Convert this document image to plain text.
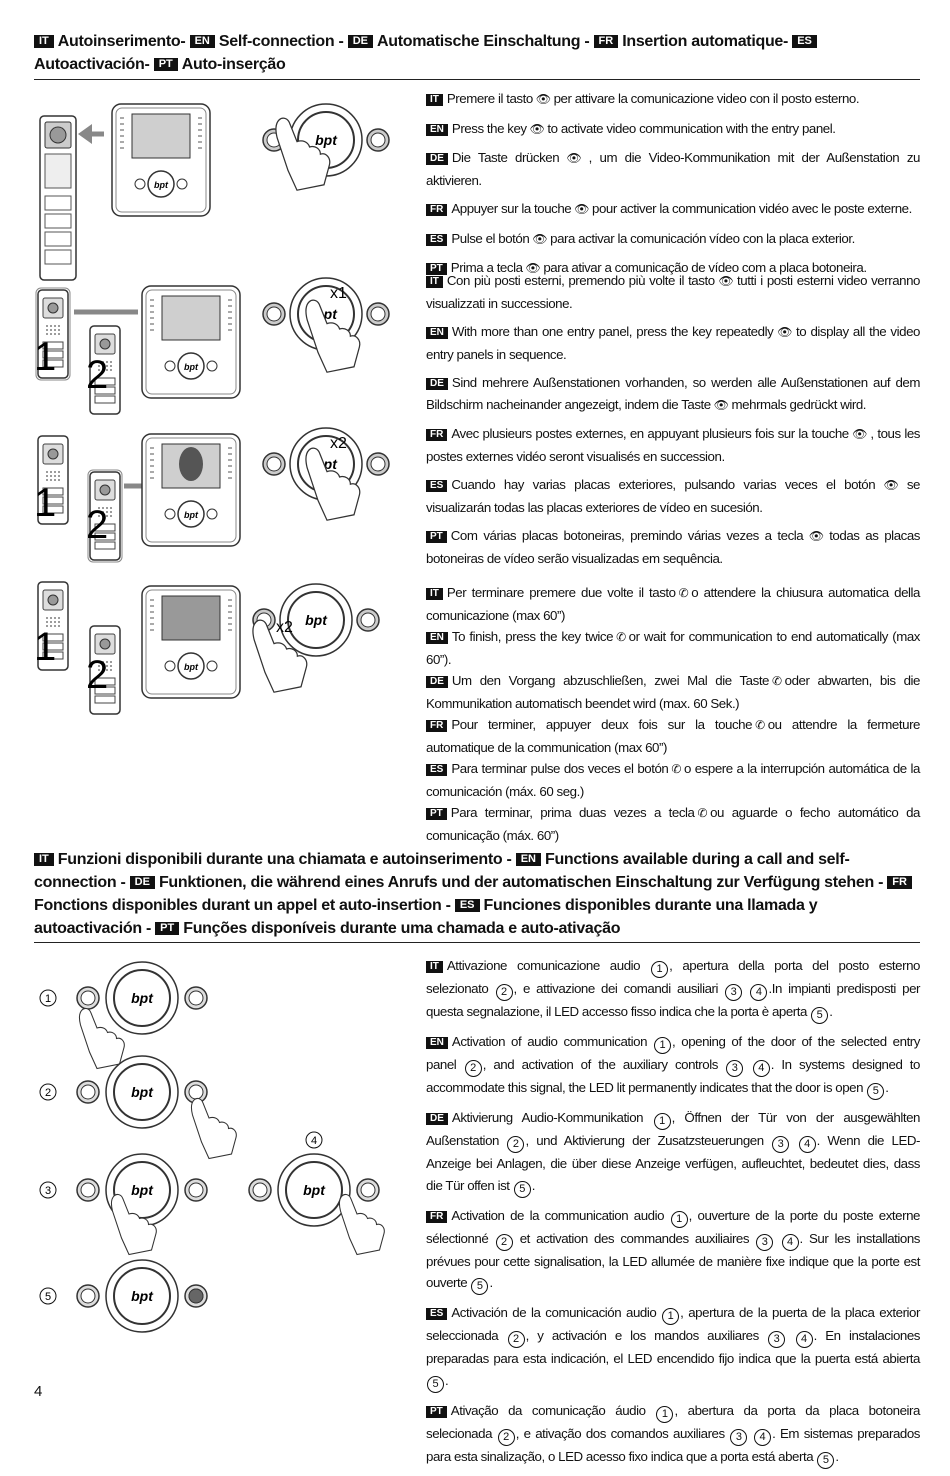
IT Autoinserimento- EN Self-connection - DE Automatische Einschaltung - FR Insertion automatique- ESAutoactivación- PT Auto-inserção

IT Premere il tasto 👁 per attivare la comunicazione video con il posto esterno.

EN Press the key 👁 to activate video communication with the entry panel.

DE Die Taste drücken 👁 , um die Video-Kommunikation mit der Außenstation zu aktivieren.

FR Appuyer sur la touche 👁 pour activer la communication vidéo avec le poste externe.

ES Pulse el botón 👁 para activar la comunicación vídeo con la placa exterior.

PT Prima a tecla 👁 para ativar a comunicação de vídeo com a placa botoneira.

IT Con più posti esterni, premendo più volte il tasto 👁 tutti i posti esterni video verranno visualizzati in successione.

EN With more than one entry panel, press the key repeatedly 👁 to display all the video entry panels in sequence.

DE Sind mehrere Außenstationen vorhanden, so werden alle Außenstationen auf dem Bildschirm nacheinander angezeigt, indem die Taste 👁 mehrmals gedrückt wird.

FR Avec plusieurs postes externes, en appuyant plusieurs fois sur la touche 👁 , tous les postes externes vidéo seront visualisés en succession.

ES Cuando hay varias placas exteriores, pulsando varias veces el botón 👁 se visualizarán todas las placas exteriores de vídeo en sucesión.

PT Com várias placas botoneiras, premindo várias vezes a tecla 👁 todas as placas botoneiras de vídeo serão visualizadas em sequência.

IT Per terminare premere due volte il tasto ✆ o attendere la chiusura automatica della comunicazione (max 60”)

EN To finish, press the key twice ✆ or wait for communication to end automatically (max 60”).

DE Um den Vorgang abzuschließen, zwei Mal die Taste ✆ oder abwarten, bis die Kommunikation automatisch beendet wird (max. 60 Sek.)

FR Pour terminer, appuyer deux fois sur la touche ✆ ou attendre la fermeture automatique de la communication (max 60”)

ES Para terminar pulse dos veces el botón ✆ o espere a la interrupción automática de la comunicación (máx. 60 seg.)

PT Para terminar, prima duas vezes a tecla ✆ ou aguarde o fecho automático da comunicação (máx. 60”)

bpt
bpt
1 2
x1
1 2
x2
1
2
x2
IT Funzioni disponibili durante una chiamata e autoinserimento - EN Functions available during a call and self-connection - DE Funktionen, die während eines Anrufs und der automatischen Einschaltung zur Verfügung stehen - FRFonctions disponibles durant un appel et auto-insertion - ES Funciones disponibles durante una llamada y autoactivación - PT Funções disponíveis durante uma chamada e auto-ativação

IT Attivazione comunicazione audio 1 , apertura della porta del posto esterno selezionato 2 , e attivazione dei comandi ausiliari 3 4 .In impianti predisposti per questa segnalazione, il LED accesso fisso indica che la porta è aperta 5 .

EN Activation of audio communication 1 , opening of the door of the selected entry panel 2 , and activation of the auxiliary controls 3 4 . In systems designed to accommodate this signal, the LED lit permanently indicates that the door is open 5 .

DE Aktivierung Audio-Kommunikation 1 , Öffnen der Tür von der ausgewählten Außenstation 2 , und Aktivierung der Zusatzsteuerungen 3 4 . Wenn die LED-Anzeige bei Anlagen, die über diese Anzeige verfügen, aufleuchtet, bedeutet dies, dass die Tür offen ist 5 .

FR Activation de la communication audio 1 , ouverture de la porte du poste externe sélectionné 2 et activation des commandes auxiliaires 3 4 . Sur les installations prévues pour cette signalisation, la LED allumée de manière fixe indique que la porte est ouverte 5 .

ES Activación de la comunicación audio 1 , apertura de la puerta de la placa exterior seleccionada 2 , y activación e los mandos auxiliares 3 4 . En instalaciones preparadas para esta indicación, el LED encendido fijo indica que la puerta está abierta 5 .

PT Ativação da comunicação áudio 1 , abertura da porta da placa botoneira selecionada 2 , e ativação dos comandos auxiliares 3 4 . Em sistemas preparados para esta sinalização, o LED acesso fixo indica que a porta está aberta 5 .

bpt
1
2
3
4
5
4
